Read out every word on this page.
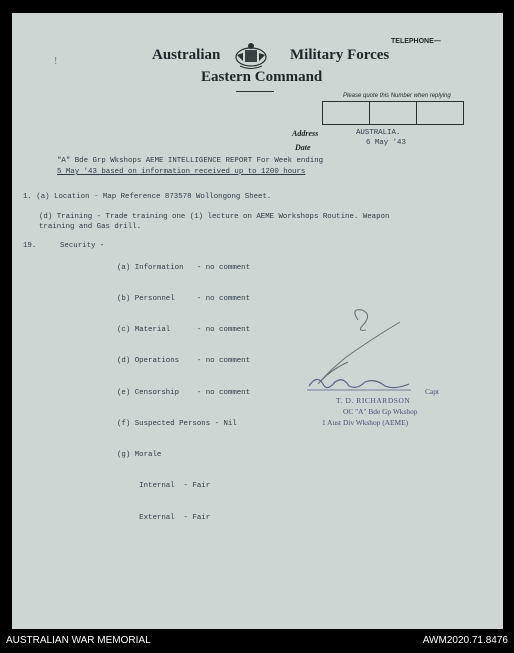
Australian	Military Forces
Eastern Command
TELEPHONE—
Please quote this Number when replying
Address
Date
AUSTRALIA.
6 May '43
!
"A" Bde Grp Wkshops AEME INTELLIGENCE REPORT For Week ending
5 May '43 based on information received up to 1200 hours
1. (a) Location - Map Reference 873578 Wollongong Sheet.
(d) Training - Trade training one (1) lecture on AEME Workshops Routine. Weapon
training and Gas drill.
19.	Security -

(a) Information   - no comment

(b) Personnel     - no comment

(c) Material      - no comment

(d) Operations    - no comment

(e) Censorship    - no comment

(f) Suspected Persons - Nil

(g) Morale

Internal  - Fair

External  - Fair

Capt
T. D. RICHARDSON
OC "A" Bde Gp Wkshop
1 Aust Div Wkshop (AEME)
AUSTRALIAN WAR MEMORIAL	AWM2020.71.8476
